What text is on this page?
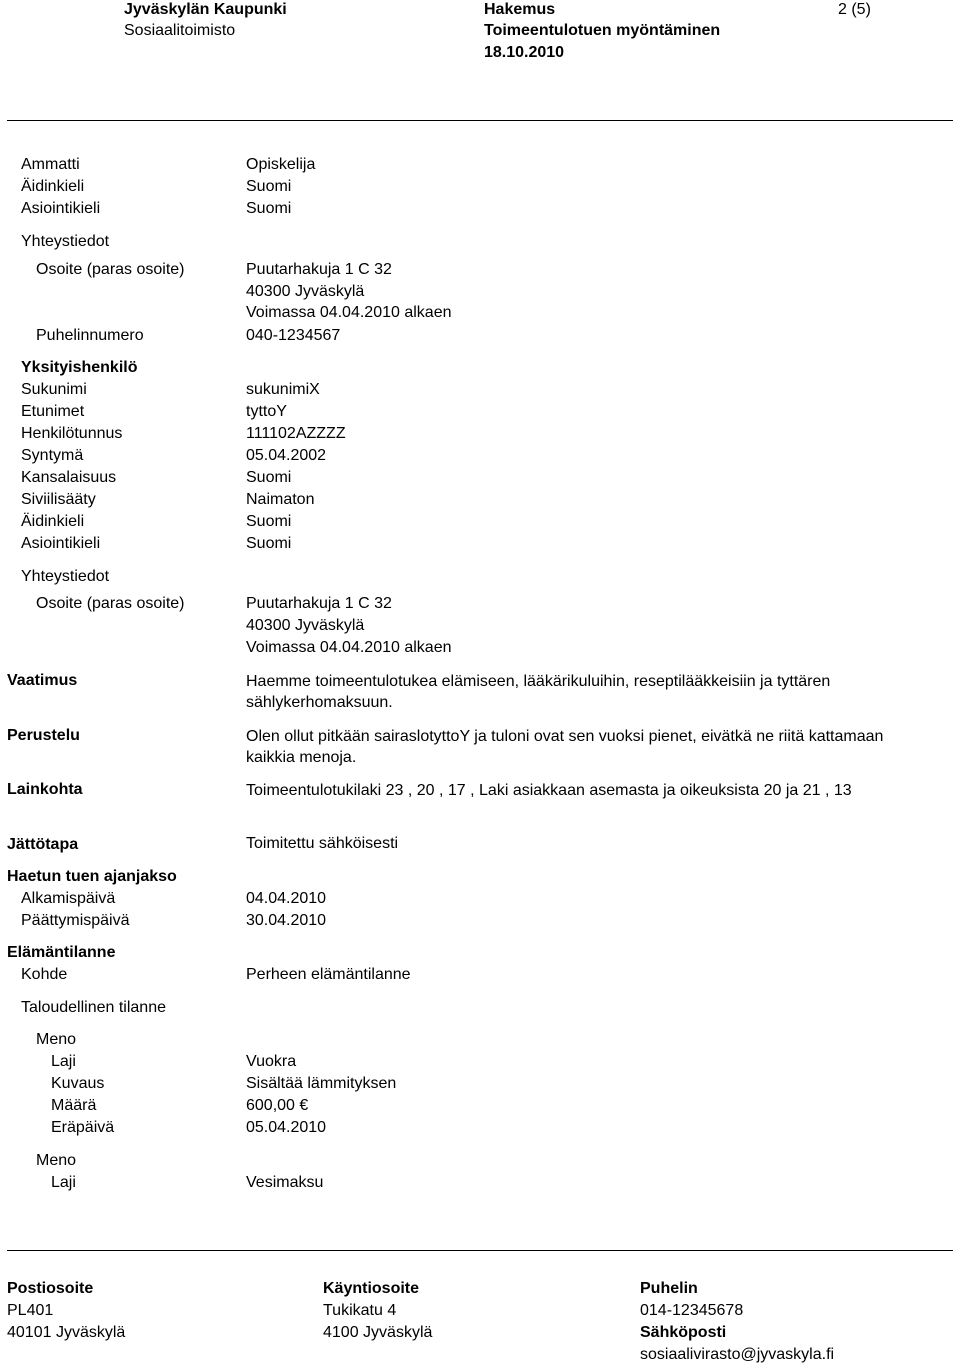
Jyväskylän Kaupunki
Sosiaalitoimisto
Hakemus
Toimeentulotuen myöntäminen
18.10.2010
2 (5)
Ammatti	Opiskelija
Äidinkieli	Suomi
Asiointikieli	Suomi
Yhteystiedot
Osoite (paras osoite)	Puutarhakuja 1 C 32
40300 Jyväskylä
Voimassa 04.04.2010 alkaen
Puhelinnumero	040-1234567
Yksityishenkilö
Sukunimi	sukunimiX
Etunimet	tyttoY
Henkilötunnus	111102AZZZZ
Syntymä	05.04.2002
Kansalaisuus	Suomi
Siviilisääty	Naimaton
Äidinkieli	Suomi
Asiointikieli	Suomi
Yhteystiedot
Osoite (paras osoite)	Puutarhakuja 1 C 32
40300 Jyväskylä
Voimassa 04.04.2010 alkaen
Vaatimus	Haemme toimeentulotukea elämiseen, lääkärikuluihin, reseptilääkkeisiin ja tyttären sählykerhomaksuun.
Perustelu	Olen ollut pitkään sairaslotyttoY ja tuloni ovat sen vuoksi pienet, eivätkä ne riitä kattamaan kaikkia menoja.
Lainkohta	Toimeentulotukilaki 23 , 20 , 17 , Laki asiakkaan asemasta ja oikeuksista 20 ja 21 , 13
Jättötapa	Toimitettu sähköisesti
Haetun tuen ajanjakso
Alkamispäivä	04.04.2010
Päättymispäivä	30.04.2010
Elämäntilanne
Kohde	Perheen elämäntilanne
Taloudellinen tilanne
Meno
Laji	Vuokra
Kuvaus	Sisältää lämmityksen
Määrä	600,00 €
Eräpäivä	05.04.2010
Meno
Laji	Vesimaksu
Postiosoite
PL401
40101 Jyväskylä
Käyntiosoite
Tukikatu 4
4100 Jyväskylä
Puhelin
014-12345678
Sähköposti
sosiaalivirasto@jyvaskyla.fi
